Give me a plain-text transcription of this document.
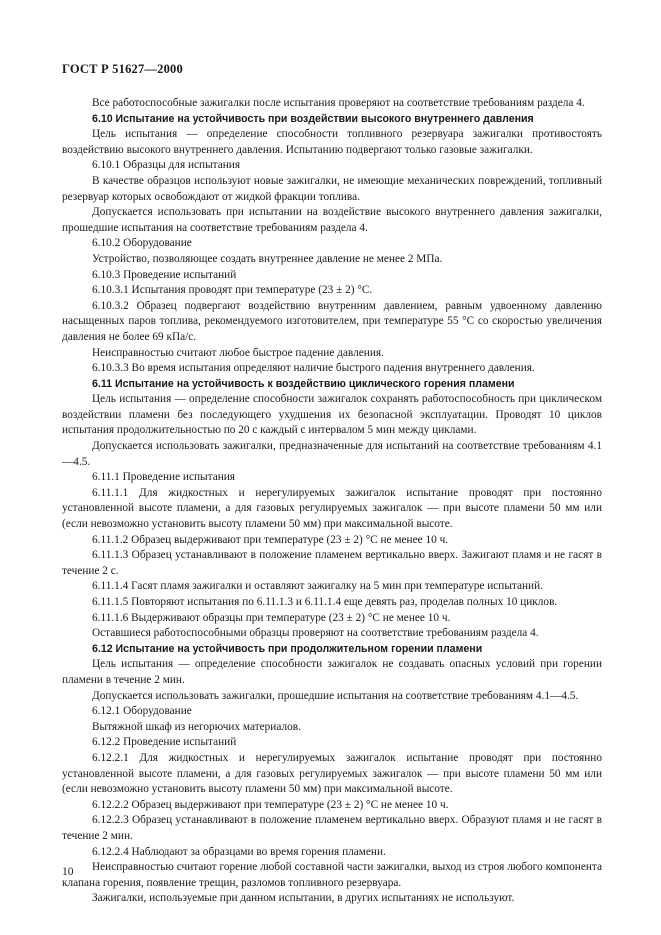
ГОСТ Р 51627—2000

Все работоспособные зажигалки после испытания проверяют на соответствие требованиям раздела 4.

6.10 Испытание на устойчивость при воздействии высокого внутреннего давления

Цель испытания — определение способности топливного резервуара зажигалки противостоять воздействию высокого внутреннего давления. Испытанию подвергают только газовые зажигалки.

6.10.1 Образцы для испытания

В качестве образцов используют новые зажигалки, не имеющие механических повреждений, топливный резервуар которых освобождают от жидкой фракции топлива.

Допускается использовать при испытании на воздействие высокого внутреннего давления зажигалки, прошедшие испытания на соответствие требованиям раздела 4.

6.10.2 Оборудование

Устройство, позволяющее создать внутреннее давление не менее 2 МПа.

6.10.3 Проведение испытаний

6.10.3.1 Испытания проводят при температуре (23 ± 2) °С.

6.10.3.2 Образец подвергают воздействию внутренним давлением, равным удвоенному давлению насыщенных паров топлива, рекомендуемого изготовителем, при температуре 55 °С со скоростью увеличения давления не более 69 кПа/с.

Неисправностью считают любое быстрое падение давления.

6.10.3.3 Во время испытания определяют наличие быстрого падения внутреннего давления.

6.11 Испытание на устойчивость к воздействию циклического горения пламени

Цель испытания — определение способности зажигалок сохранять работоспособность при циклическом воздействии пламени без последующего ухудшения их безопасной эксплуатации. Проводят 10 циклов испытания продолжительностью по 20 с каждый с интервалом 5 мин между циклами.

Допускается использовать зажигалки, предназначенные для испытаний на соответствие требованиям 4.1—4.5.

6.11.1 Проведение испытания

6.11.1.1 Для жидкостных и нерегулируемых зажигалок испытание проводят при постоянно установленной высоте пламени, а для газовых регулируемых зажигалок — при высоте пламени 50 мм или (если невозможно установить высоту пламени 50 мм) при максимальной высоте.

6.11.1.2 Образец выдерживают при температуре (23 ± 2) °С не менее 10 ч.

6.11.1.3 Образец устанавливают в положение пламенем вертикально вверх. Зажигают пламя и не гасят в течение 2 с.

6.11.1.4 Гасят пламя зажигалки и оставляют зажигалку на 5 мин при температуре испытаний.

6.11.1.5 Повторяют испытания по 6.11.1.3 и 6.11.1.4 еще девять раз, проделав полных 10 циклов.

6.11.1.6 Выдерживают образцы при температуре (23 ± 2) °С не менее 10 ч.

Оставшиеся работоспособными образцы проверяют на соответствие требованиям раздела 4.

6.12 Испытание на устойчивость при продолжительном горении пламени

Цель испытания — определение способности зажигалок не создавать опасных условий при горении пламени в течение 2 мин.

Допускается использовать зажигалки, прошедшие испытания на соответствие требованиям 4.1—4.5.

6.12.1 Оборудование

Вытяжной шкаф из негорючих материалов.

6.12.2 Проведение испытаний

6.12.2.1 Для жидкостных и нерегулируемых зажигалок испытание проводят при постоянно установленной высоте пламени, а для газовых регулируемых зажигалок — при высоте пламени 50 мм или (если невозможно установить высоту пламени 50 мм) при максимальной высоте.

6.12.2.2 Образец выдерживают при температуре (23 ± 2) °С не менее 10 ч.

6.12.2.3 Образец устанавливают в положение пламенем вертикально вверх. Образуют пламя и не гасят в течение 2 мин.

6.12.2.4 Наблюдают за образцами во время горения пламени.

Неисправностью считают горение любой составной части зажигалки, выход из строя любого компонента клапана горения, появление трещин, разломов топливного резервуара.

Зажигалки, используемые при данном испытании, в других испытаниях не используют.

10
